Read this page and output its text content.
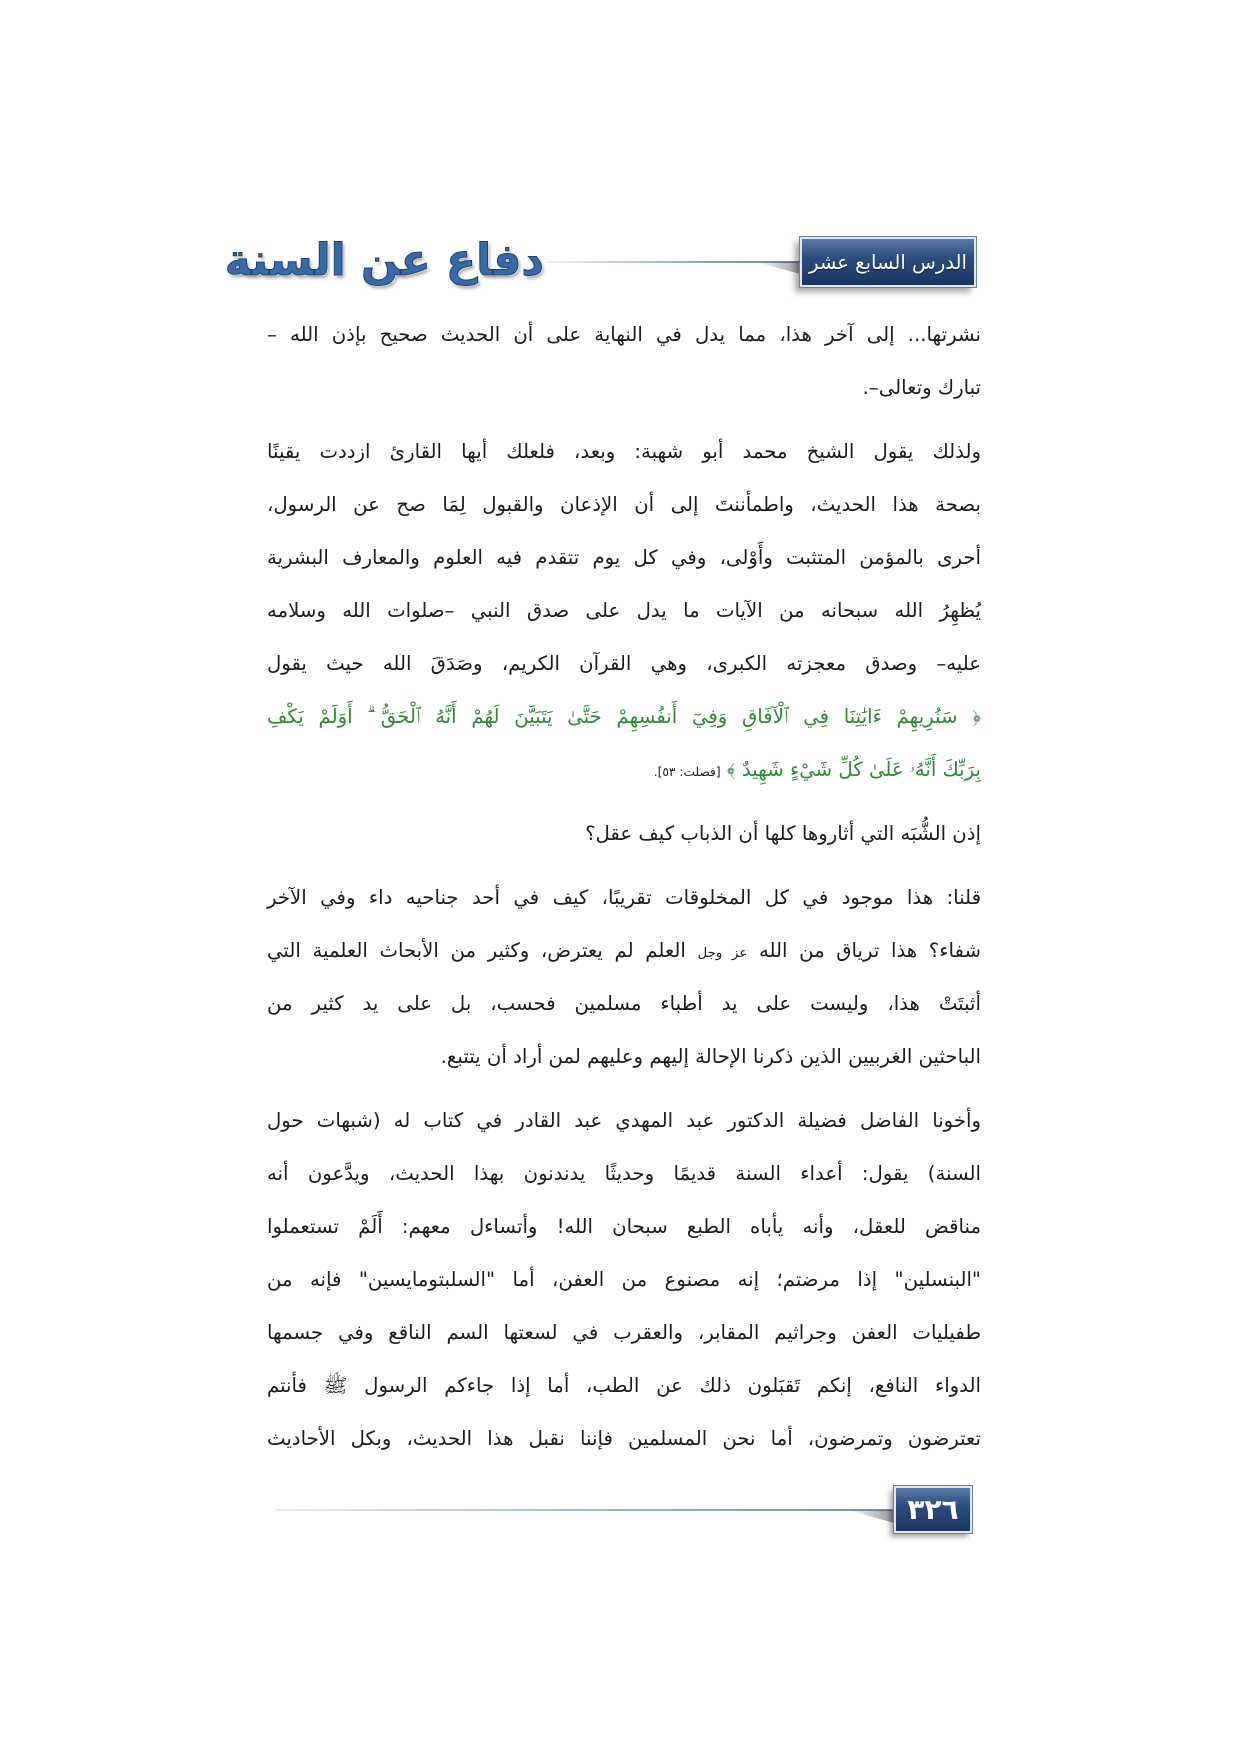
دفاع عن السنة	الدرس السابع عشر
نشرتها... إلى آخر هذا، مما يدل في النهاية على أن الحديث صحيح بإذن الله –
تبارك وتعالى–.
ولذلك يقول الشيخ محمد أبو شهبة: وبعد، فلعلك أيها القارئ ازددت يقينًا
بصحة هذا الحديث، واطمأننتَ إلى أن الإذعان والقبول لِمَا صح عن الرسول،
أحرى بالمؤمن المتثبت وأَوْلى، وفي كل يوم تتقدم فيه العلوم والمعارف البشرية
يُظهِرُ الله سبحانه من الآيات ما يدل على صدق النبي –صلوات الله وسلامه
عليه– وصدق معجزته الكبرى، وهي القرآن الكريم، وصَدَقَ الله حيث يقول
﴿ سَنُرِيهِمْ ءَايَٰتِنَا فِي ٱلْآفَاقِ وَفِيٓ أَنفُسِهِمْ حَتَّىٰ يَتَبَيَّنَ لَهُمْ أَنَّهُ ٱلْحَقُّ ۗ أَوَلَمْ يَكْفِ
بِرَبِّكَ أَنَّهُۥ عَلَىٰ كُلِّ شَيْءٍ شَهِيدٌ ﴾ [فصلت: ٥٣].
إذن الشُّبَه التي أثاروها كلها أن الذباب كيف عقل؟
قلنا: هذا موجود في كل المخلوقات تقريبًا، كيف في أحد جناحيه داء وفي الآخر
شفاء؟ هذا ترياق من الله عز وجل العلم لم يعترض، وكثير من الأبحاث العلمية التي
أثبتَتْ هذا، وليست على يد أطباء مسلمين فحسب، بل على يد كثير من
الباحثين الغربيين الذين ذكرنا الإحالة إليهم وعليهم لمن أراد أن يتتبع.
وأخونا الفاضل فضيلة الدكتور عبد المهدي عبد القادر في كتاب له (شبهات حول
السنة) يقول: أعداء السنة قديمًا وحديثًا يدندنون بهذا الحديث، ويدَّعون أنه
مناقض للعقل، وأنه يأباه الطبع سبحان الله! وأتساءل معهم: أَلَمْ تستعملوا
"البنسلين" إذا مرضتم؛ إنه مصنوع من العفن، أما "السلبتومايسين" فإنه من
طفيليات العفن وجراثيم المقابر، والعقرب في لسعتها السم الناقع وفي جسمها
الدواء النافع، إنكم تَقبَلون ذلك عن الطب، أما إذا جاءكم الرسول ﷺ فأنتم
تعترضون وتمرضون، أما نحن المسلمين فإننا نقبل هذا الحديث، وبكل الأحاديث
٣٢٦
